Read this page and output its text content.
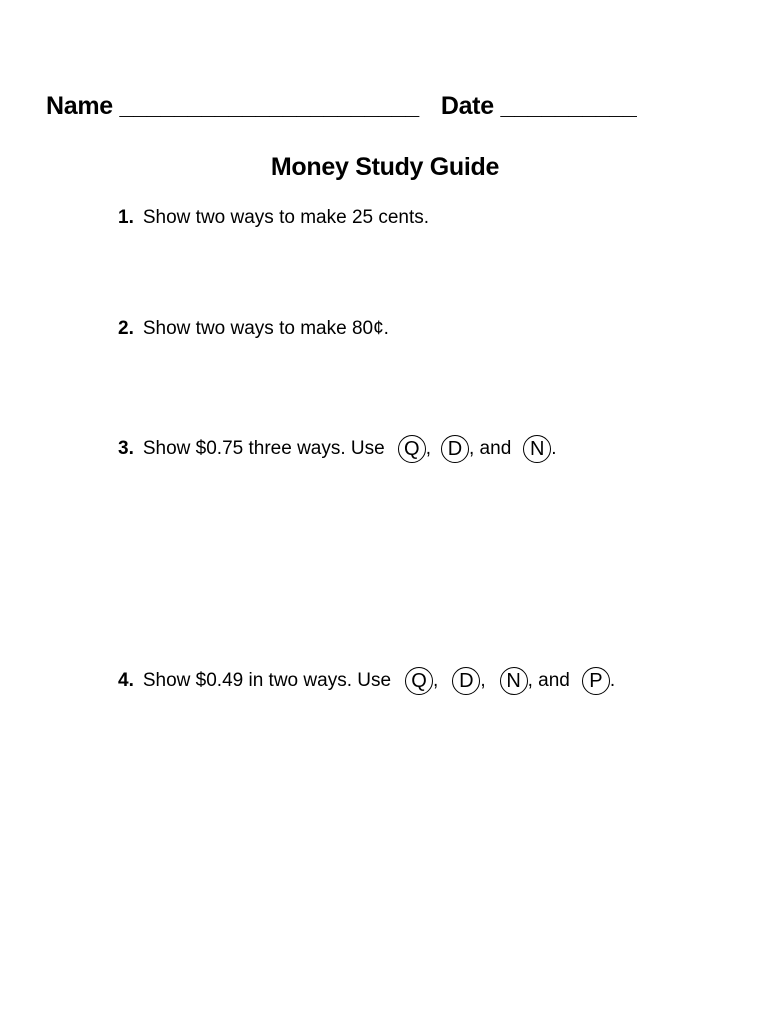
Name ______________________ Date __________
Money Study Guide
1. Show two ways to make 25 cents.
2. Show two ways to make 80¢.
3. Show $0.75 three ways. Use Q , D , and N .
4. Show $0.49 in two ways. Use	Q ,	D ,	N , and P .
